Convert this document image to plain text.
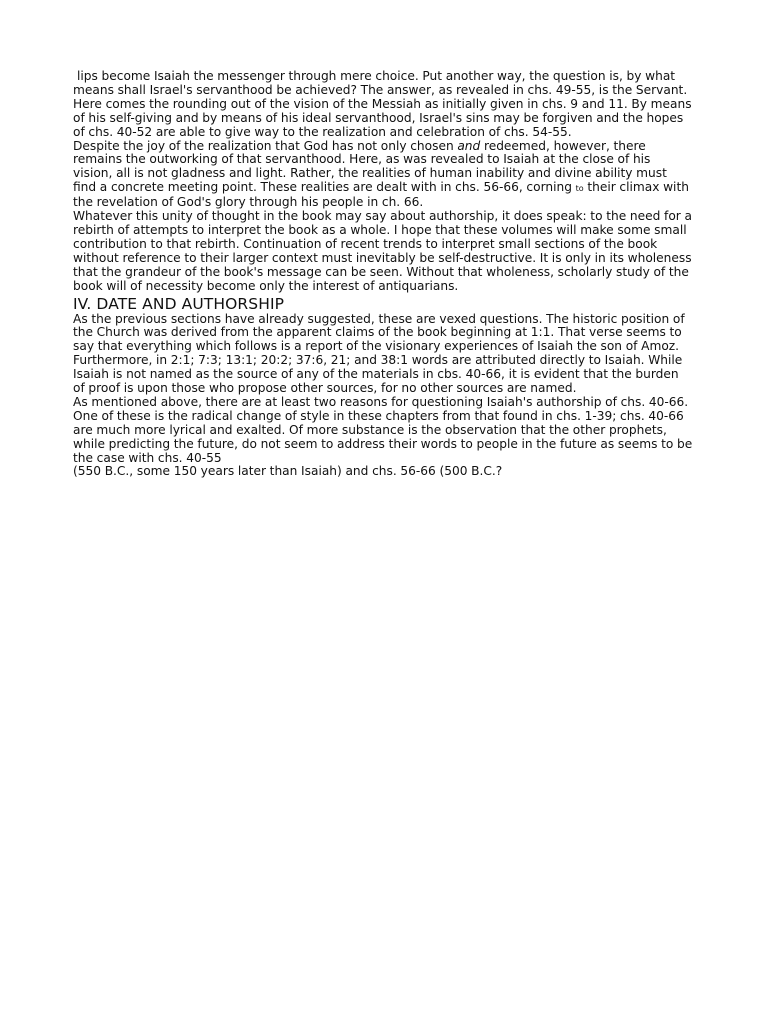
lips become Isaiah the messenger through mere choice. Put another way, the question is, by what means shall Israel's servanthood be achieved? The answer, as revealed in chs. 49-55, is the Servant. Here comes the rounding out of the vision of the Messiah as initially given in chs. 9 and 11. By means of his self-giving and by means of his ideal servanthood, Israel's sins may be forgiven and the hopes of chs. 40-52 are able to give way to the realization and celebration of chs. 54-55.

Despite the joy of the realization that God has not only chosen and redeemed, however, there remains the outworking of that servanthood. Here, as was revealed to Isaiah at the close of his vision, all is not gladness and light. Rather, the realities of human inability and divine ability must find a concrete meeting point. These realities are dealt with in chs. 56-66, corning to their climax with the revelation of God's glory through his people in ch. 66.

Whatever this unity of thought in the book may say about authorship, it does speak: to the need for a rebirth of attempts to interpret the book as a whole. I hope that these volumes will make some small contribution to that rebirth. Continuation of recent trends to interpret small sections of the book without reference to their larger context must inevitably be self-destructive. It is only in its wholeness that the grandeur of the book's message can be seen. Without that wholeness, scholarly study of the book will of necessity become only the interest of antiquarians.

IV. DATE AND AUTHORSHIP

As the previous sections have already suggested, these are vexed questions. The historic position of the Church was derived from the apparent claims of the book beginning at 1:1. That verse seems to say that everything which follows is a report of the visionary experiences of Isaiah the son of Amoz. Furthermore, in 2:1; 7:3; 13:1; 20:2; 37:6, 21; and 38:1 words are attributed directly to Isaiah. While Isaiah is not named as the source of any of the materials in cbs. 40-66, it is evident that the burden of proof is upon those who propose other sources, for no other sources are named.

As mentioned above, there are at least two reasons for questioning Isaiah's authorship of chs. 40-66. One of these is the radical change of style in these chapters from that found in chs. 1-39; chs. 40-66 are much more lyrical and exalted. Of more substance is the observation that the other prophets, while predicting the future, do not seem to address their words to people in the future as seems to be the case with chs. 40-55

(550 B.C., some 150 years later than Isaiah) and chs. 56-66 (500 B.C.?
